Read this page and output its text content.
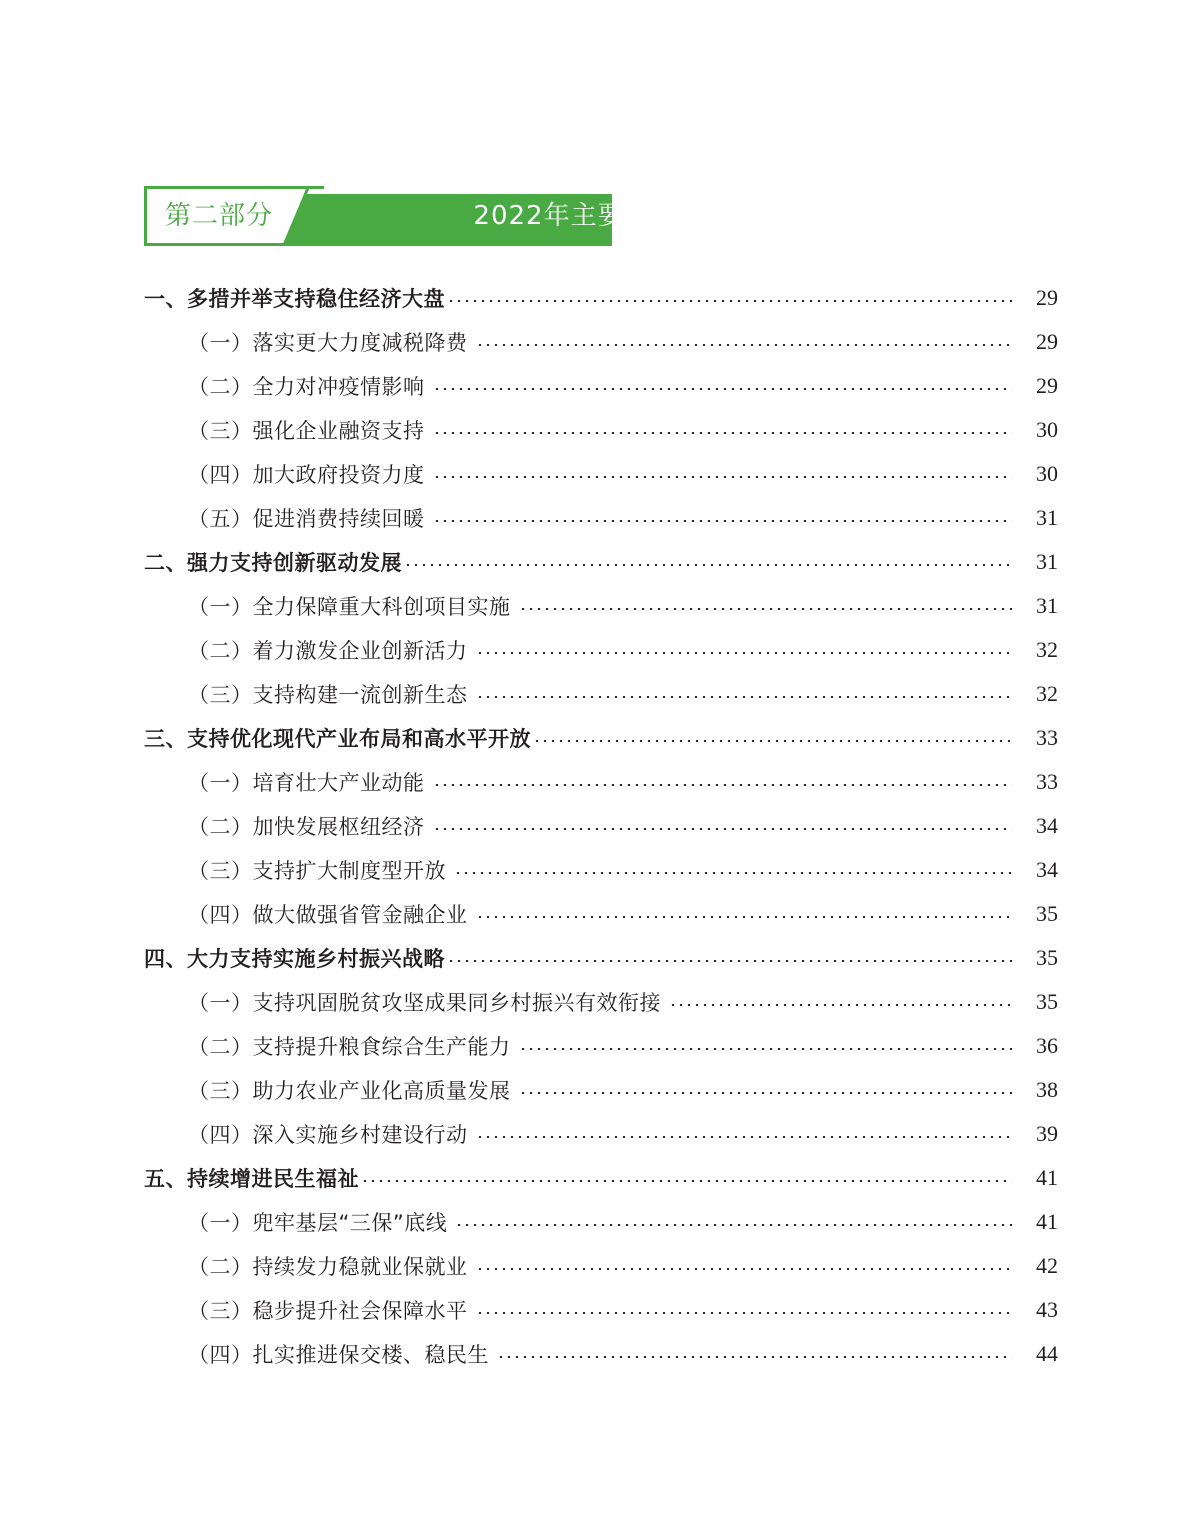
第二部分	2022年主要财政工作
一、多措并举支持稳住经济大盘	29
（一）落实更大力度减税降费	29
（二）全力对冲疫情影响	29
（三）强化企业融资支持	30
（四）加大政府投资力度	30
（五）促进消费持续回暖	31
二、强力支持创新驱动发展	31
（一）全力保障重大科创项目实施	31
（二）着力激发企业创新活力	32
（三）支持构建一流创新生态	32
三、支持优化现代产业布局和高水平开放	33
（一）培育壮大产业动能	33
（二）加快发展枢纽经济	34
（三）支持扩大制度型开放	34
（四）做大做强省管金融企业	35
四、大力支持实施乡村振兴战略	35
（一）支持巩固脱贫攻坚成果同乡村振兴有效衔接	35
（二）支持提升粮食综合生产能力	36
（三）助力农业产业化高质量发展	38
（四）深入实施乡村建设行动	39
五、持续增进民生福祉	41
（一）兜牢基层“三保”底线	41
（二）持续发力稳就业保就业	42
（三）稳步提升社会保障水平	43
（四）扎实推进保交楼、稳民生	44
